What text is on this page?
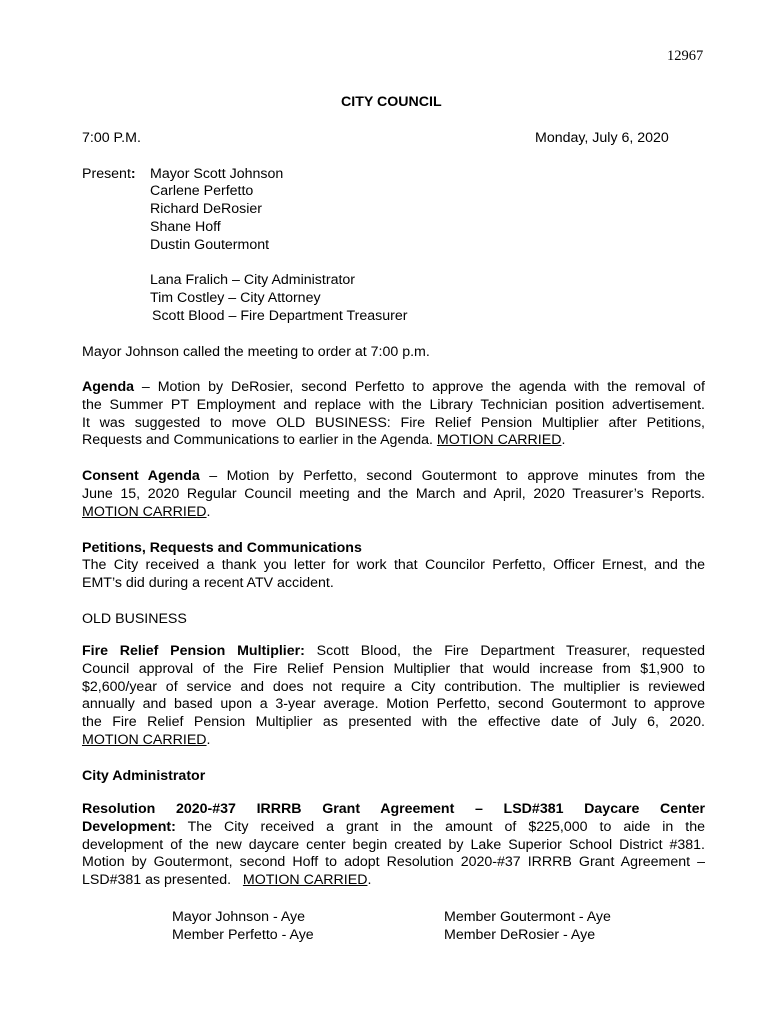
12967
CITY COUNCIL
7:00 P.M.	Monday, July 6, 2020
Present: Mayor Scott Johnson
Carlene Perfetto
Richard DeRosier
Shane Hoff
Dustin Goutermont
Lana Fralich – City Administrator
Tim Costley – City Attorney
Scott Blood – Fire Department Treasurer
Mayor Johnson called the meeting to order at 7:00 p.m.
Agenda – Motion by DeRosier, second Perfetto to approve the agenda with the removal of
the Summer PT Employment and replace with the Library Technician position advertisement.
It was suggested to move OLD BUSINESS: Fire Relief Pension Multiplier after Petitions,
Requests and Communications to earlier in the Agenda. MOTION CARRIED.
Consent Agenda – Motion by Perfetto, second Goutermont to approve minutes from the
June 15, 2020 Regular Council meeting and the March and April, 2020 Treasurer’s Reports.
MOTION CARRIED.
Petitions, Requests and Communications
The City received a thank you letter for work that Councilor Perfetto, Officer Ernest, and the
EMT’s did during a recent ATV accident.
OLD BUSINESS
Fire Relief Pension Multiplier: Scott Blood, the Fire Department Treasurer, requested
Council approval of the Fire Relief Pension Multiplier that would increase from $1,900 to
$2,600/year of service and does not require a City contribution. The multiplier is reviewed
annually and based upon a 3-year average. Motion Perfetto, second Goutermont to approve
the Fire Relief Pension Multiplier as presented with the effective date of July 6, 2020.
MOTION CARRIED.
City Administrator
Resolution 2020-#37 IRRRB Grant Agreement – LSD#381 Daycare Center
Development: The City received a grant in the amount of $225,000 to aide in the
development of the new daycare center begin created by Lake Superior School District #381.
Motion by Goutermont, second Hoff to adopt Resolution 2020-#37 IRRRB Grant Agreement –
LSD#381 as presented. MOTION CARRIED.
Mayor Johnson - Aye	Member Goutermont - Aye
Member Perfetto - Aye	Member DeRosier - Aye
